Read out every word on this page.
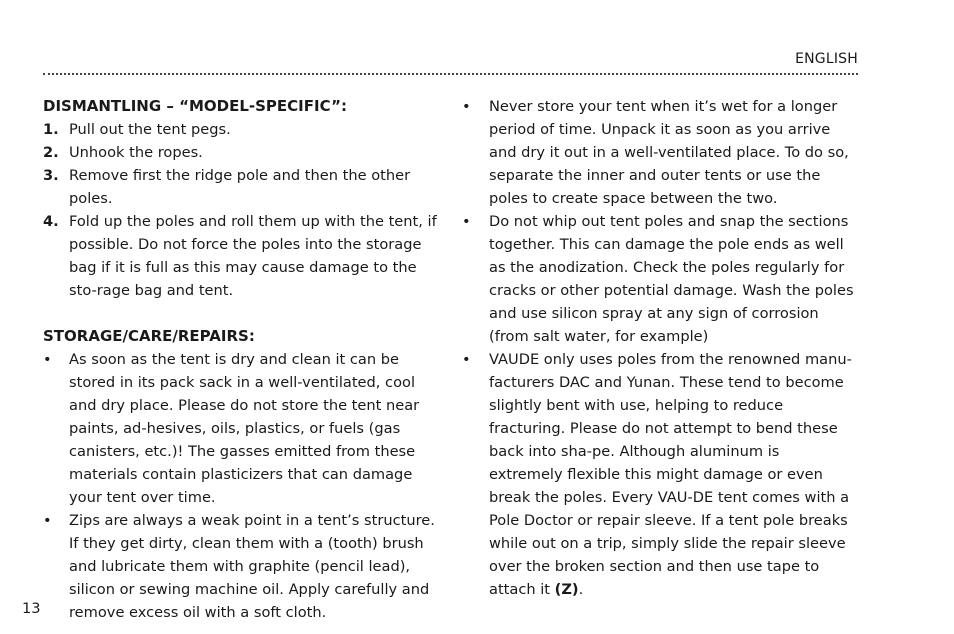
ENGLISH
DISMANTLING – “MODEL-SPECIFIC”:
1. Pull out the tent pegs.
2. Unhook the ropes.
3. Remove first the ridge pole and then the other poles.
4. Fold up the poles and roll them up with the tent, if possible. Do not force the poles into the storage bag if it is full as this may cause damage to the sto-rage bag and tent.
STORAGE/CARE/REPAIRS:
• As soon as the tent is dry and clean it can be stored in its pack sack in a well-ventilated, cool and dry place. Please do not store the tent near paints, ad-hesives, oils, plastics, or fuels (gas canisters, etc.)! The gasses emitted from these materials contain plasticizers that can damage your tent over time.
• Zips are always a weak point in a tent’s structure. If they get dirty, clean them with a (tooth) brush and lubricate them with graphite (pencil lead), silicon or sewing machine oil. Apply carefully and remove excess oil with a soft cloth.
• Never store your tent when it’s wet for a longer period of time. Unpack it as soon as you arrive and dry it out in a well-ventilated place. To do so, separate the inner and outer tents or use the poles to create space between the two.
• Do not whip out tent poles and snap the sections together. This can damage the pole ends as well as the anodization. Check the poles regularly for cracks or other potential damage. Wash the poles and use silicon spray at any sign of corrosion (from salt water, for example)
• VAUDE only uses poles from the renowned manu-facturers DAC and Yunan. These tend to become slightly bent with use, helping to reduce fracturing. Please do not attempt to bend these back into sha-pe. Although aluminum is extremely flexible this might damage or even break the poles. Every VAU-DE tent comes with a Pole Doctor or repair sleeve. If a tent pole breaks while out on a trip, simply slide the repair sleeve over the broken section and then use tape to attach it (Z).
13
